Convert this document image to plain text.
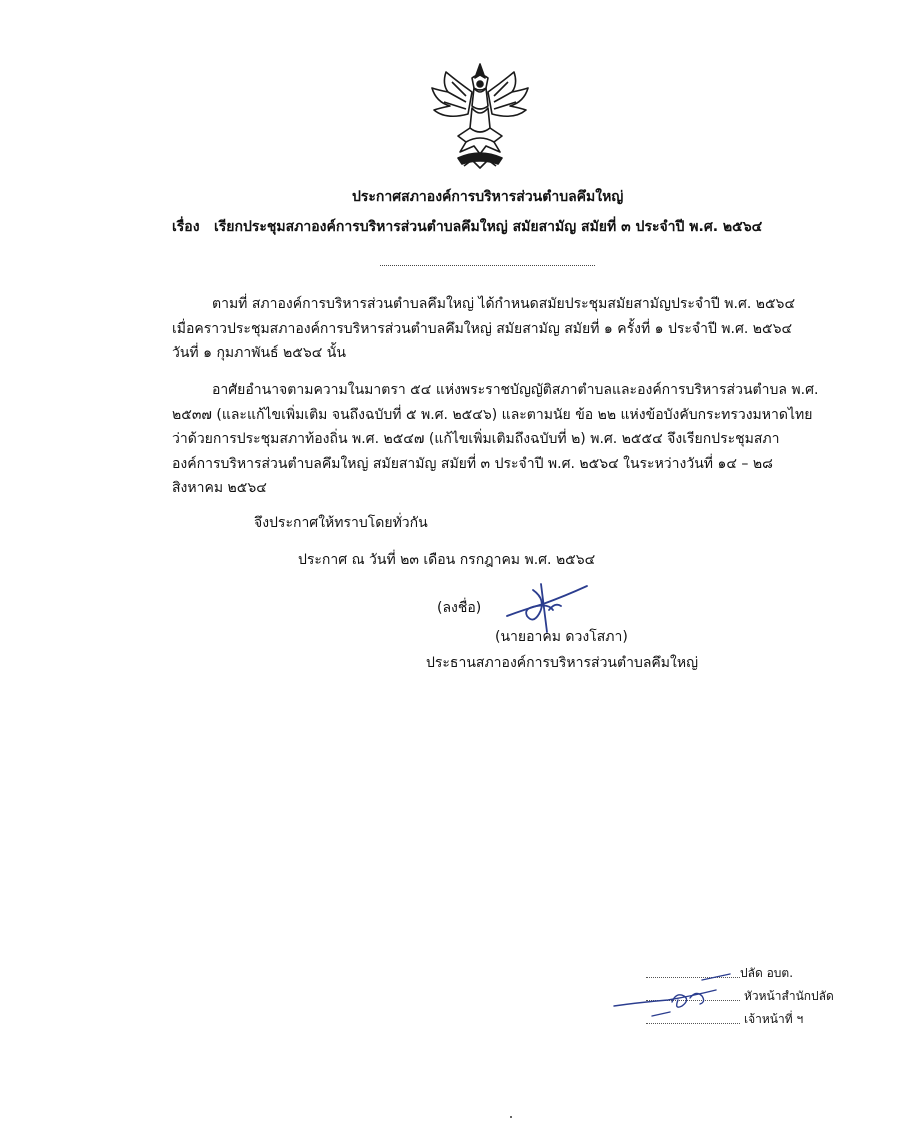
ประกาศสภาองค์การบริหารส่วนตำบลคึมใหญ่
เรื่อง เรียกประชุมสภาองค์การบริหารส่วนตำบลคึมใหญ่ สมัยสามัญ สมัยที่ ๓ ประจำปี พ.ศ. ๒๕๖๔
ตามที่ สภาองค์การบริหารส่วนตำบลคึมใหญ่ ได้กำหนดสมัยประชุมสมัยสามัญประจำปี พ.ศ. ๒๕๖๔
เมื่อคราวประชุมสภาองค์การบริหารส่วนตำบลคึมใหญ่ สมัยสามัญ สมัยที่ ๑ ครั้งที่ ๑ ประจำปี พ.ศ. ๒๕๖๔
วันที่ ๑ กุมภาพันธ์ ๒๕๖๔ นั้น
อาศัยอำนาจตามความในมาตรา ๕๔ แห่งพระราชบัญญัติสภาตำบลและองค์การบริหารส่วนตำบล พ.ศ.
๒๕๓๗ (และแก้ไขเพิ่มเติม จนถึงฉบับที่ ๕ พ.ศ. ๒๕๔๖) และตามนัย ข้อ ๒๒ แห่งข้อบังคับกระทรวงมหาดไทย
ว่าด้วยการประชุมสภาท้องถิ่น พ.ศ. ๒๕๔๗ (แก้ไขเพิ่มเติมถึงฉบับที่ ๒) พ.ศ. ๒๕๕๔ จึงเรียกประชุมสภา
องค์การบริหารส่วนตำบลคึมใหญ่ สมัยสามัญ สมัยที่ ๓ ประจำปี พ.ศ. ๒๕๖๔ ในระหว่างวันที่ ๑๔ – ๒๘
สิงหาคม ๒๕๖๔
จึงประกาศให้ทราบโดยทั่วกัน
ประกาศ ณ วันที่ ๒๓ เดือน กรกฎาคม พ.ศ. ๒๕๖๔
(ลงชื่อ)
(นายอาคม ดวงโสภา)
ประธานสภาองค์การบริหารส่วนตำบลคึมใหญ่
ปลัด อบต.
หัวหน้าสำนักปลัด
เจ้าหน้าที่ ฯ
